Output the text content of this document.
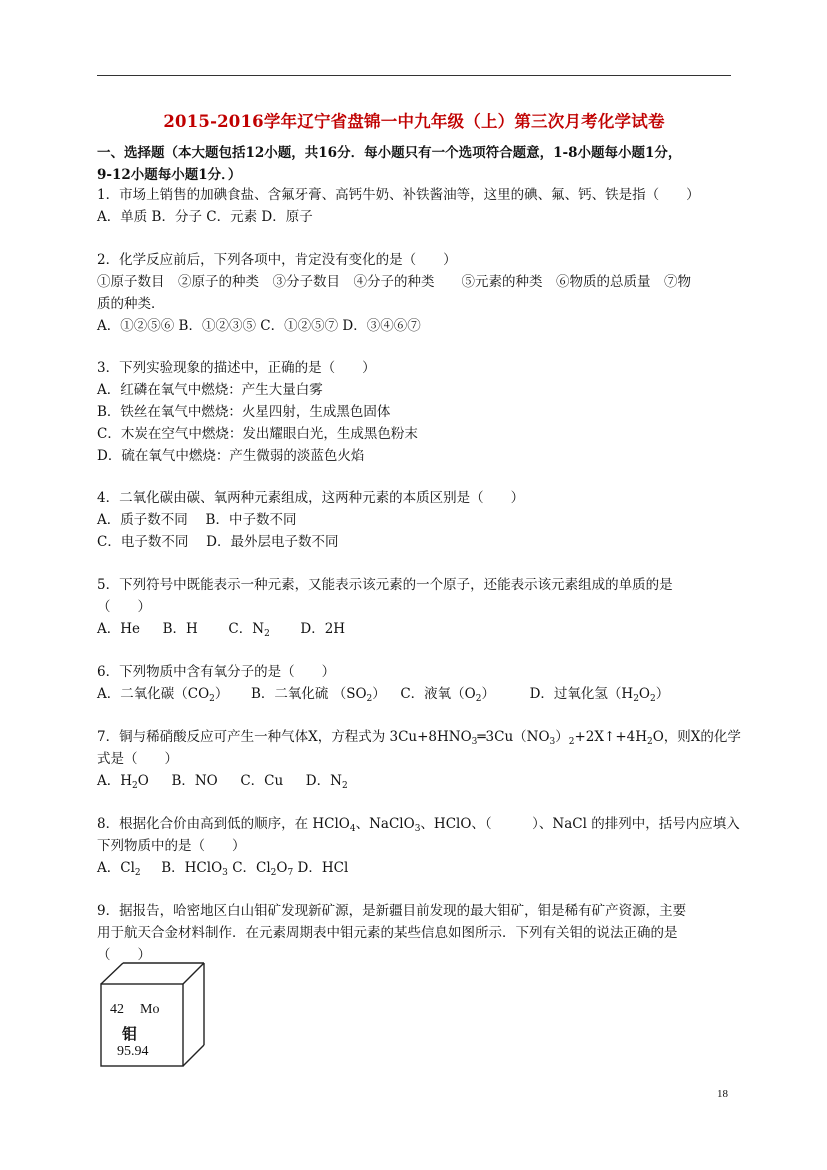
2015-2016学年辽宁省盘锦一中九年级（上）第三次月考化学试卷
一、选择题（本大题包括12小题，共16分．每小题只有一个选项符合题意，1-8小题每小题1分，
9-12小题每小题1分．）
1．市场上销售的加碘食盐、含氟牙膏、高钙牛奶、补铁酱油等，这里的碘、氟、钙、铁是指（　　）
A．单质 B．分子 C．元素 D．原子
2．化学反应前后，下列各项中，肯定没有变化的是（　　）
①原子数目　②原子的种类　③分子数目　④分子的种类　　⑤元素的种类　⑥物质的总质量　⑦物
质的种类．
A．①②⑤⑥ B．①②③⑤ C．①②⑤⑦ D．③④⑥⑦
3．下列实验现象的描述中，正确的是（　　）
A．红磷在氧气中燃烧：产生大量白雾
B．铁丝在氧气中燃烧：火星四射，生成黑色固体
C．木炭在空气中燃烧：发出耀眼白光，生成黑色粉末
D．硫在氧气中燃烧：产生微弱的淡蓝色火焰
4．二氧化碳由碳、氧两种元素组成，这两种元素的本质区别是（　　）
A．质子数不同　 B．中子数不同
C．电子数不同　 D．最外层电子数不同
5．下列符号中既能表示一种元素，又能表示该元素的一个原子，还能表示该元素组成的单质的是
（　　）
A．He B．H C．$N_2$ D．2H
6．下列物质中含有氧分子的是（　　）
A．二氧化碳$(CO_2)$ B．二氧化硫 $(SO_2)$ C．液氧$(O_2)$	D．过氧化氢$(H_2O_2)$
7．铜与稀硝酸反应可产生一种气体X，方程式为 $3Cu+8HNO_3═3Cu(NO_3)_2+2X↑+4H_2O$，则X的化学
式是（　　）
A．$H_2O$ B．NO C．Cu D．$N_2$
8．根据化合价由高到低的顺序，在 HClO$_4$、NaClO$_3$、HClO、（　　　）、NaCl 的排列中，括号内应填入
下列物质中的是（　　）
A．$Cl_2$ B．HClO$_3$ C．$Cl_2O_7$ D．HCl
9．据报告，哈密地区白山钼矿发现新矿源，是新疆目前发现的最大钼矿，钼是稀有矿产资源，主要
用于航天合金材料制作．在元素周期表中钼元素的某些信息如图所示．下列有关钼的说法正确的是
（　　）
42 Mo
钼
95.94
18
